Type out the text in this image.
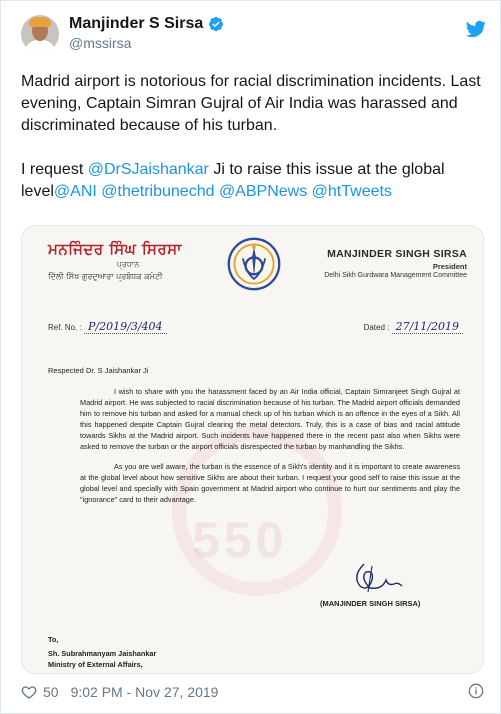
Manjinder S Sirsa
@mssirsa

Madrid airport is notorious for racial discrimination incidents. Last evening, Captain Simran Gujral of Air India was harassed and discriminated because of his turban.

I request @DrSJaishankar Ji to raise this issue at the global level@ANI @thetribunechd @ABPNews @htTweets

550
ਮਨਜਿੰਦਰ ਸਿੰਘ ਸਿਰਸਾ
ਪ੍ਰਧਾਨ
ਦਿੱਲੀ ਸਿੱਖ ਗੁਰਦੁਆਰਾ ਪ੍ਰਬੰਧਕ ਕਮੇਟੀ
MANJINDER SINGH SIRSA
President
Delhi Sikh Gurdwara Management Committee
Ref. No. : P/2019/3/404	Dated : 27/11/2019
Respected Dr. S Jaishankar Ji

I wish to share with you the harassment faced by an Air India official, Captain Simranjeet Singh Gujral at Madrid airport. He was subjected to racial discrimination because of his turban. The Madrid airport officials demanded him to remove his turban and asked for a manual check up of his turban which is an offence in the eyes of a Sikh. All this happened despite Captain Gujral clearing the metal detectors. Truly, this is a case of bias and racial attitude towards Sikhs at the Madrid airport. Such incidents have happened there in the recent past also when Sikhs were asked to remove the turban or the airport officials disrespected the turban by manhandling the Sikhs.

As you are well aware, the turban is the essence of a Sikh's identity and it is important to create awareness at the global level about how sensitive Sikhs are about their turban. I request your good self to raise this issue at the global level and specially with Spain government at Madrid airport who continue to hurt our sentiments and play the "ignorance" card to their advantage.

(MANJINDER SINGH SIRSA)
To,
Sh. Subrahmanyam Jaishankar
Ministry of External Affairs,
50 9:02 PM - Nov 27, 2019
